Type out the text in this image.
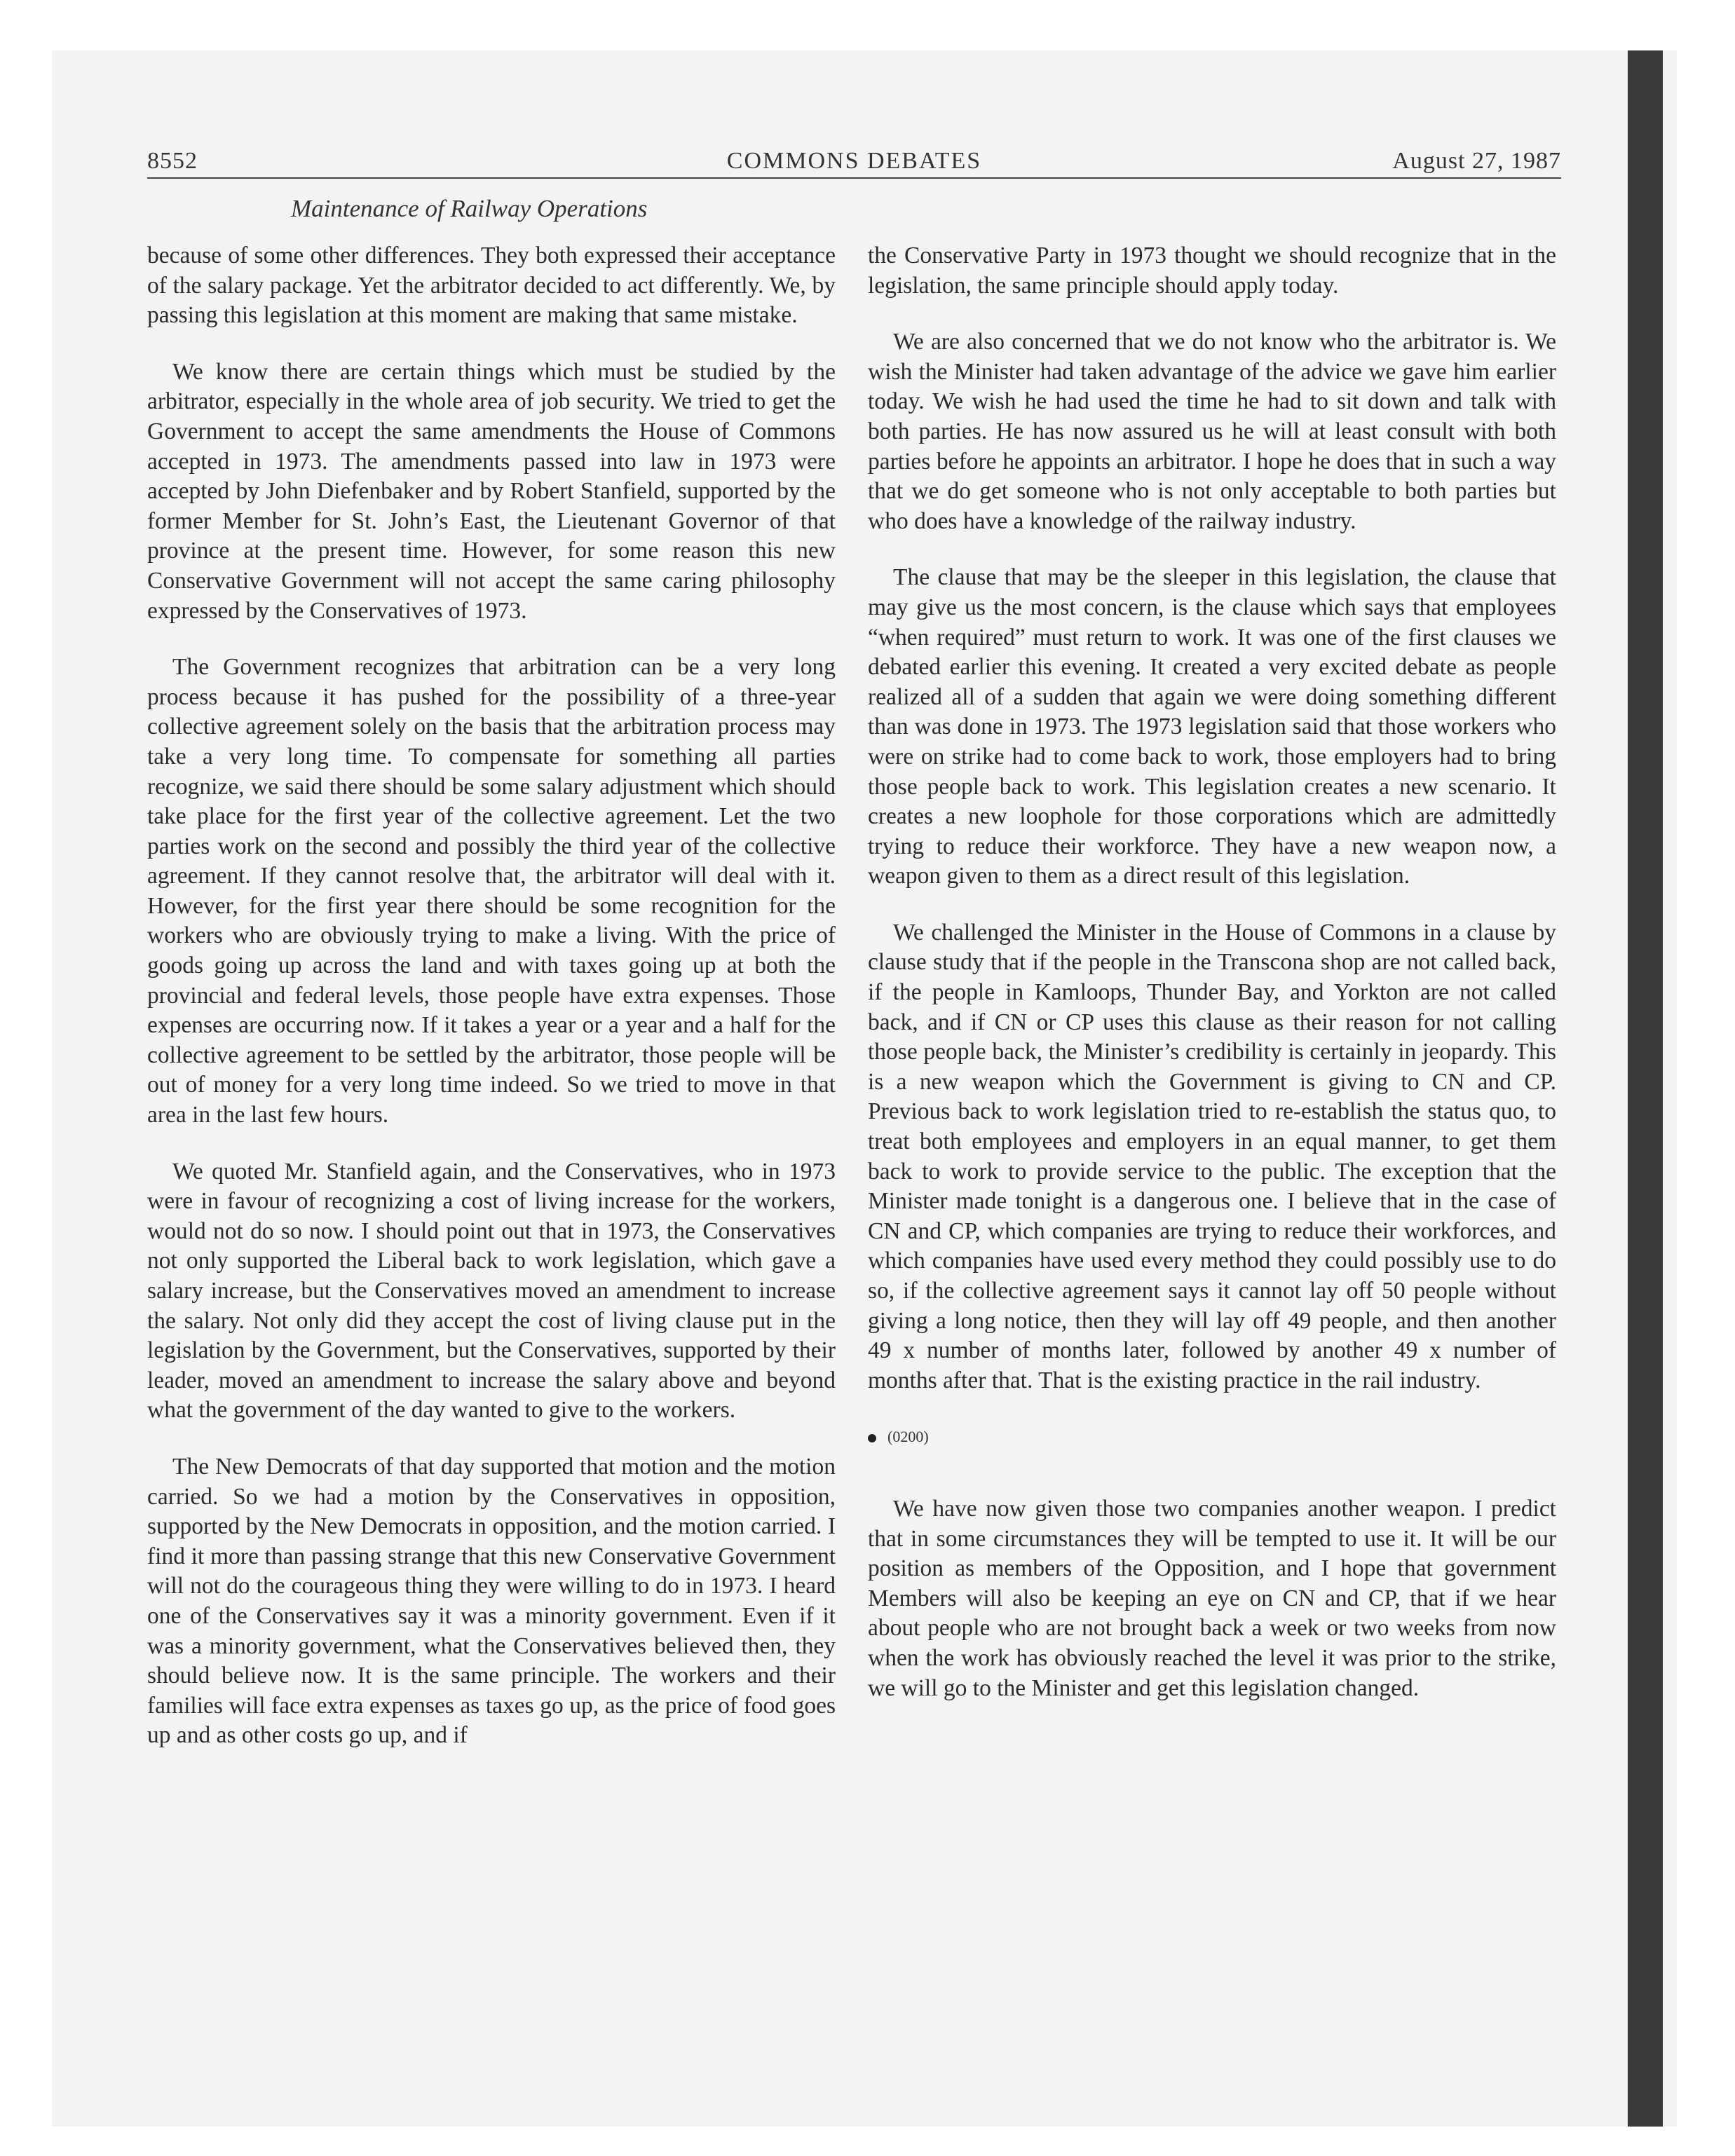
8552	COMMONS DEBATES	August 27, 1987
Maintenance of Railway Operations

because of some other differences. They both expressed their acceptance of the salary package. Yet the arbitrator decided to act differently. We, by passing this legislation at this moment are making that same mistake.

We know there are certain things which must be studied by the arbitrator, especially in the whole area of job security. We tried to get the Government to accept the same amendments the House of Commons accepted in 1973. The amendments passed into law in 1973 were accepted by John Diefenbaker and by Robert Stanfield, supported by the former Member for St. John’s East, the Lieutenant Governor of that province at the present time. However, for some reason this new Conservative Government will not accept the same caring philosophy expressed by the Conservatives of 1973.

The Government recognizes that arbitration can be a very long process because it has pushed for the possibility of a three-year collective agreement solely on the basis that the arbitration process may take a very long time. To compensate for something all parties recognize, we said there should be some salary adjustment which should take place for the first year of the collective agreement. Let the two parties work on the second and possibly the third year of the collective agreement. If they cannot resolve that, the arbitrator will deal with it. However, for the first year there should be some recognition for the workers who are obviously trying to make a living. With the price of goods going up across the land and with taxes going up at both the provincial and federal levels, those people have extra expenses. Those expenses are occurring now. If it takes a year or a year and a half for the collective agreement to be settled by the arbitrator, those people will be out of money for a very long time indeed. So we tried to move in that area in the last few hours.

We quoted Mr. Stanfield again, and the Conservatives, who in 1973 were in favour of recognizing a cost of living increase for the workers, would not do so now. I should point out that in 1973, the Conservatives not only supported the Liberal back to work legislation, which gave a salary increase, but the Conservatives moved an amendment to increase the salary. Not only did they accept the cost of living clause put in the legislation by the Government, but the Conservatives, supported by their leader, moved an amendment to increase the salary above and beyond what the government of the day wanted to give to the workers.

The New Democrats of that day supported that motion and the motion carried. So we had a motion by the Conservatives in opposition, supported by the New Democrats in opposition, and the motion carried. I find it more than passing strange that this new Conservative Government will not do the courageous thing they were willing to do in 1973. I heard one of the Conservatives say it was a minority government. Even if it was a minority government, what the Conservatives believed then, they should believe now. It is the same principle. The workers and their families will face extra expenses as taxes go up, as the price of food goes up and as other costs go up, and if

the Conservative Party in 1973 thought we should recognize that in the legislation, the same principle should apply today.

We are also concerned that we do not know who the arbitrator is. We wish the Minister had taken advantage of the advice we gave him earlier today. We wish he had used the time he had to sit down and talk with both parties. He has now assured us he will at least consult with both parties before he appoints an arbitrator. I hope he does that in such a way that we do get someone who is not only acceptable to both parties but who does have a knowledge of the railway industry.

The clause that may be the sleeper in this legislation, the clause that may give us the most concern, is the clause which says that employees “when required” must return to work. It was one of the first clauses we debated earlier this evening. It created a very excited debate as people realized all of a sudden that again we were doing something different than was done in 1973. The 1973 legislation said that those workers who were on strike had to come back to work, those employers had to bring those people back to work. This legislation creates a new scenario. It creates a new loophole for those corporations which are admittedly trying to reduce their workforce. They have a new weapon now, a weapon given to them as a direct result of this legislation.

We challenged the Minister in the House of Commons in a clause by clause study that if the people in the Transcona shop are not called back, if the people in Kamloops, Thunder Bay, and Yorkton are not called back, and if CN or CP uses this clause as their reason for not calling those people back, the Minister’s credibility is certainly in jeopardy. This is a new weapon which the Government is giving to CN and CP. Previous back to work legislation tried to re-establish the status quo, to treat both employees and employers in an equal manner, to get them back to work to provide service to the public. The exception that the Minister made tonight is a dangerous one. I believe that in the case of CN and CP, which companies are trying to reduce their workforces, and which companies have used every method they could possibly use to do so, if the collective agreement says it cannot lay off 50 people without giving a long notice, then they will lay off 49 people, and then another 49 x number of months later, followed by another 49 x number of months after that. That is the existing practice in the rail industry.

(0200)

We have now given those two companies another weapon. I predict that in some circumstances they will be tempted to use it. It will be our position as members of the Opposition, and I hope that government Members will also be keeping an eye on CN and CP, that if we hear about people who are not brought back a week or two weeks from now when the work has obviously reached the level it was prior to the strike, we will go to the Minister and get this legislation changed.
